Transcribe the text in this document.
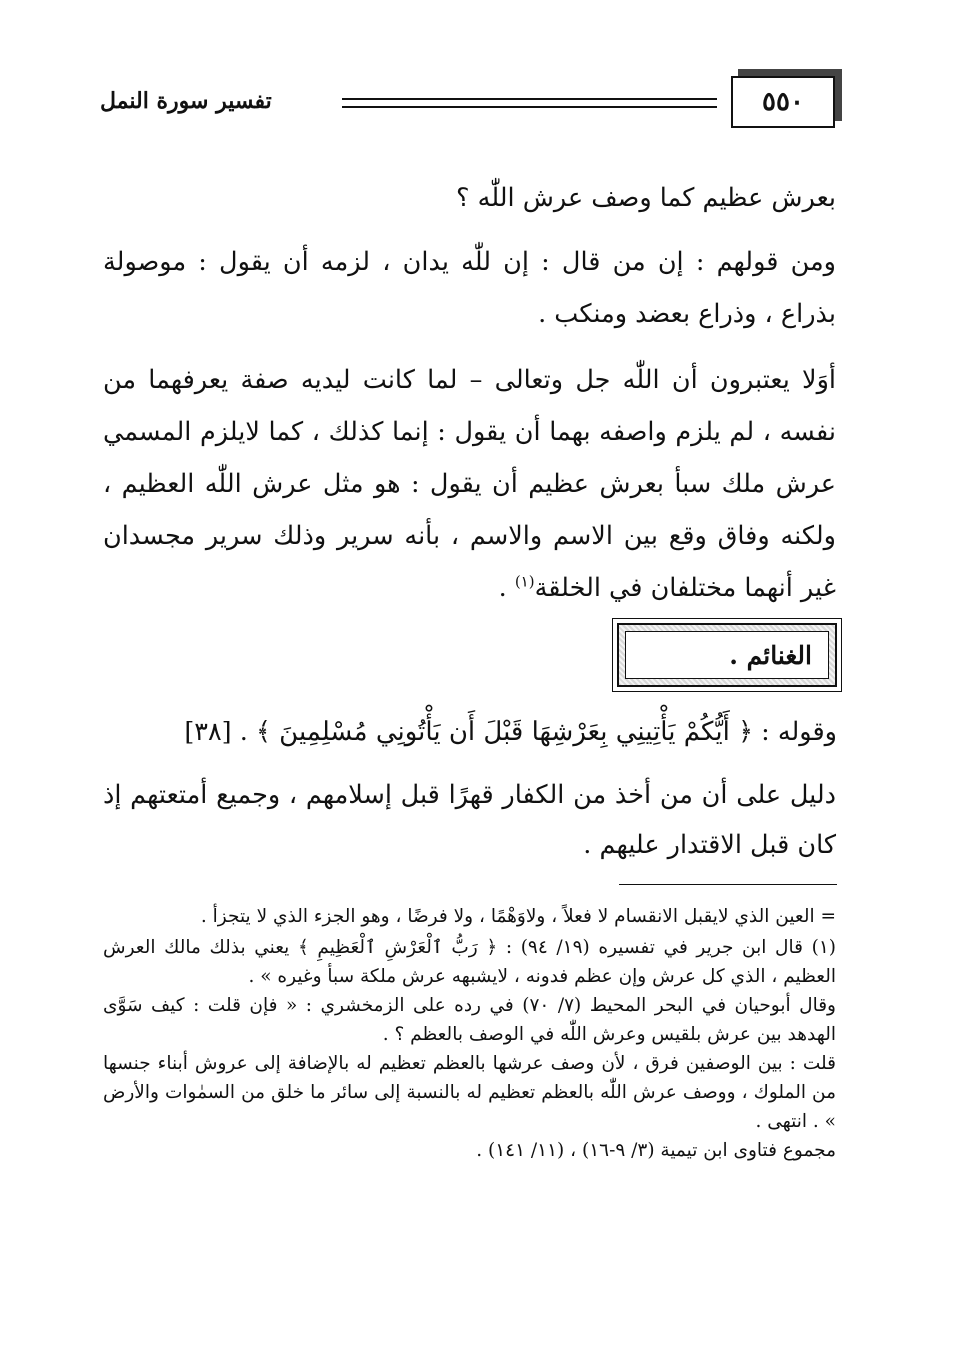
٥٥٠
تفسير سورة النمل

بعرش عظيم كما وصف عرش اللّٰه ؟

ومن قولهم : إن من قال : إن للّٰه يدان ، لزمه أن يقول : موصولة بذراع ، وذراع بعضد ومنكب .

أوَلا يعتبرون أن اللّٰه جل وتعالى – لما كانت ليديه صفة يعرفهما من نفسه ، لم يلزم واصفه بهما أن يقول : إنما كذلك ، كما لايلزم المسمي عرش ملك سبأ بعرش عظيم أن يقول : هو مثل عرش اللّٰه العظيم ، ولكنه وفاق وقع بين الاسم والاسم ، بأنه سرير وذلك سرير مجسدان غير أنهما مختلفان في الخلقة$^{(١)}$ .

الغنائم .
وقوله : ﴿ أَيُّكُمْ يَأْتِينِي بِعَرْشِهَا قَبْلَ أَن يَأْتُونِي مُسْلِمِينَ ﴾ . [٣٨]

دليل على أن من أخذ من الكفار قهرًا قبل إسلامهم ، وجميع أمتعتهم إذ كان قبل الاقتدار عليهم .

= العين الذي لايقبل الانقسام لا فعلاً ، ولاوَهْمًا ، ولا فرضًا ، وهو الجزء الذي لا يتجزأ .

(١) قال ابن جرير في تفسيره (١٩/ ٩٤) : ﴿ رَبُّ ٱلْعَرْشِ ٱلْعَظِيمِ ﴾ يعني بذلك مالك العرش العظيم ، الذي كل عرش وإن عظم فدونه ، لايشبهه عرش ملكة سبأ وغيره » .

وقال أبوحيان في البحر المحيط (٧/ ٧٠) في رده على الزمخشري : « فإن قلت : كيف سَوَّى الهدهد بين عرش بلقيس وعرش اللّٰه في الوصف بالعظم ؟ .

قلت : بين الوصفين فرق ، لأن وصف عرشها بالعظم تعظيم له بالإضافة إلى عروش أبناء جنسها من الملوك ، ووصف عرش اللّٰه بالعظم تعظيم له بالنسبة إلى سائر ما خلق من السمٰوات والأرض » . انتهى .

مجموع فتاوى ابن تيمية (٣/ ٩-١٦) ، (١١/ ١٤١) .
